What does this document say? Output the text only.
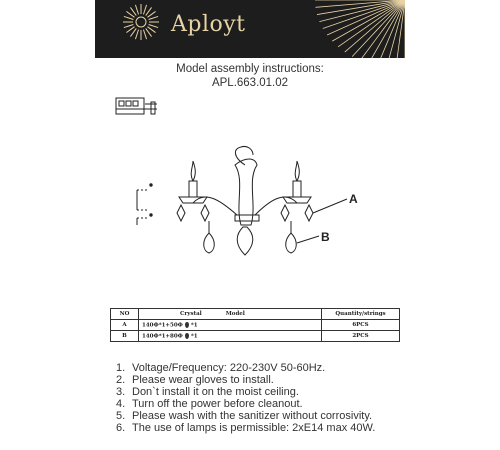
Aployt
Model assembly instructions:
APL.663.01.02
A
B
NO	Crystal Model	Quantity/strings
A	140Ф*1+50Ф *1	6PCS
B	140Ф*1+80Ф *1	2PCS
1. Voltage/Frequency: 220-230V 50-60Hz.
2. Please wear gloves to install.
3. Don`t install it on the moist ceiling.
4. Turn off the power before cleanout.
5. Please wash with the sanitizer without corrosivity.
6. The use of lamps is permissible: 2xE14 max 40W.
